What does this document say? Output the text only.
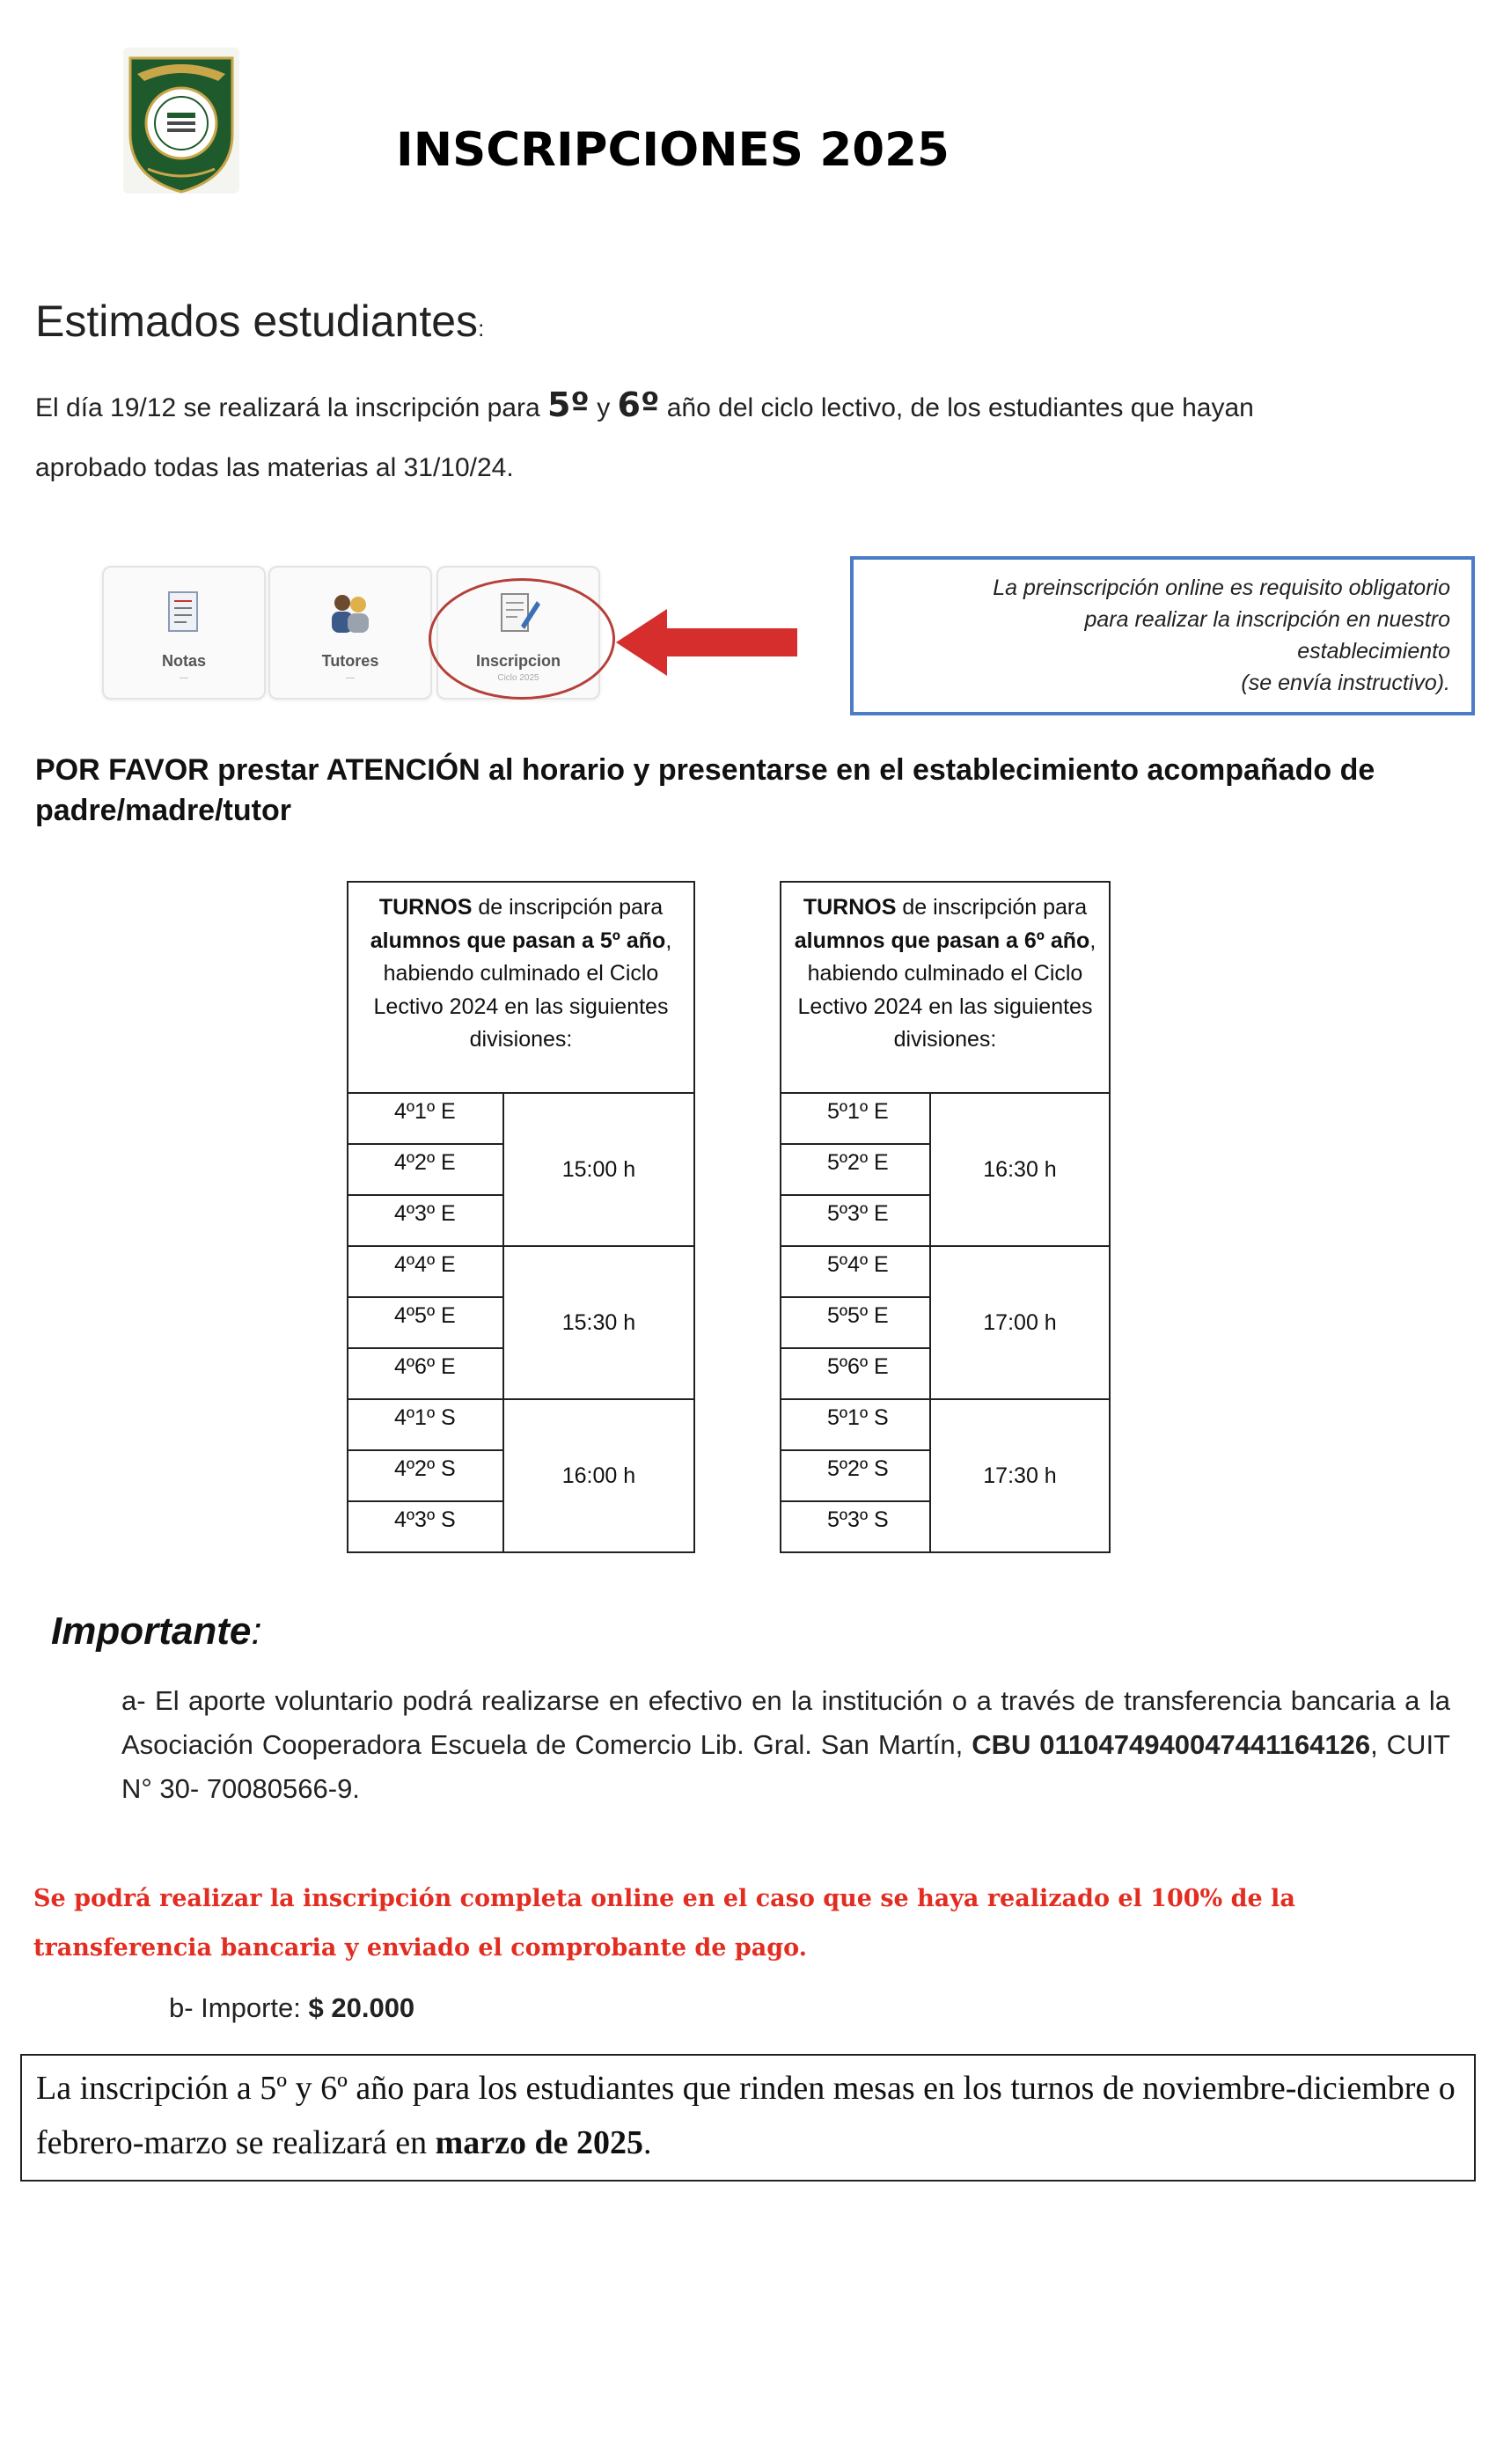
INSCRIPCIONES 2025
Estimados estudiantes:
El día 19/12 se realizará la inscripción para 5º y 6º año del ciclo lectivo, de los estudiantes que hayan
aprobado todas las materias al 31/10/24.
Notas
—
Tutores
—
Inscripcion
Ciclo 2025
La preinscripción online es requisito obligatorio
para realizar la inscripción en nuestro
establecimiento
(se envía instructivo).
POR FAVOR prestar ATENCIÓN al horario y presentarse en el establecimiento acompañado de padre/madre/tutor
TURNOS de inscripción para alumnos que pasan a 5º año, habiendo culminado el Ciclo Lectivo 2024 en las siguientes divisiones:	
4º1º E	15:00 h
4º2º E	
4º3º E	
4º4º E	15:30 h
4º5º E	
4º6º E	
4º1º S	16:00 h
4º2º S	
4º3º S	
TURNOS de inscripción para alumnos que pasan a 6º año, habiendo culminado el Ciclo Lectivo 2024 en las siguientes divisiones:	
5º1º E	16:30 h
5º2º E	
5º3º E	
5º4º E	17:00 h
5º5º E	
5º6º E	
5º1º S	17:30 h
5º2º S	
5º3º S	
Importante:
a- El aporte voluntario podrá realizarse en efectivo en la institución o a través de transferencia bancaria a la Asociación Cooperadora Escuela de Comercio Lib. Gral. San Martín, CBU 0110474940047441164126, CUIT N° 30- 70080566-9.
Se podrá realizar la inscripción completa online en el caso que se haya realizado el 100% de la transferencia bancaria y enviado el comprobante de pago.
b- Importe: $ 20.000
La inscripción a 5º y 6º año para los estudiantes que rinden mesas en los turnos de noviembre-diciembre o febrero-marzo se realizará en marzo de 2025.
